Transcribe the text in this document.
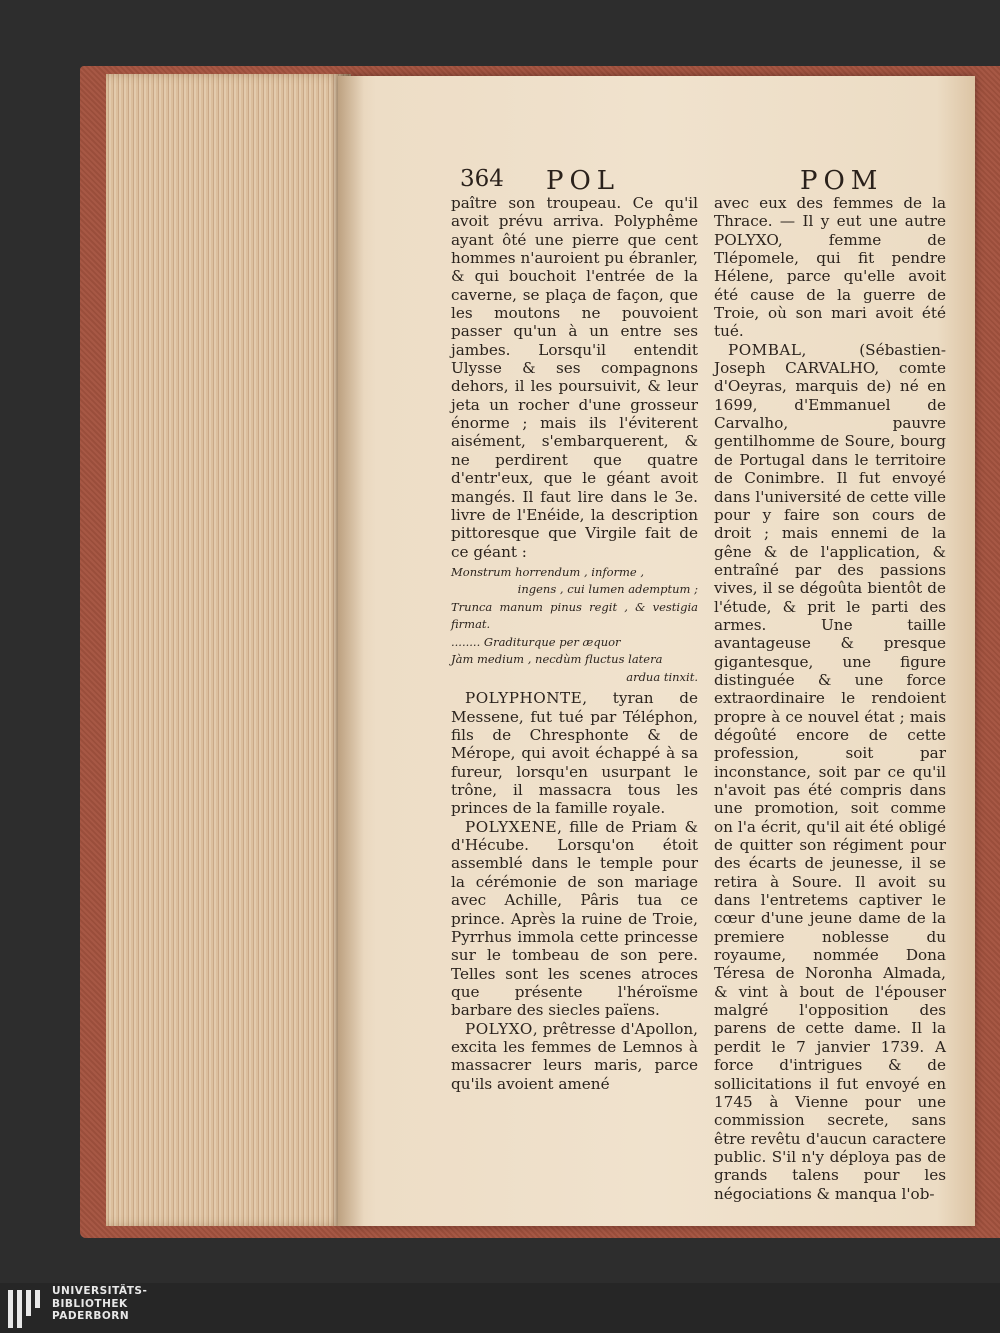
364 POL	POM

paître son troupeau. Ce qu'il avoit prévu arriva. Polyphême ayant ôté une pierre que cent hommes n'auroient pu ébranler, & qui bouchoit l'entrée de la caverne, se plaça de façon, que les moutons ne pouvoient passer qu'un à un entre ses jambes. Lorsqu'il entendit Ulysse & ses compagnons dehors, il les poursuivit, & leur jeta un rocher d'une grosseur énorme ; mais ils l'éviterent aisément, s'embarquerent, & ne perdirent que quatre d'entr'eux, que le géant avoit mangés. Il faut lire dans le 3e. livre de l'Enéide, la description pittoresque que Virgile fait de ce géant :

Monstrum horrendum , informe ,
ingens , cui lumen ademptum ;
Trunca manum pinus regit , & vestigia firmat.
........ Graditurque per æquor
Jàm medium , necdùm fluctus latera
ardua tinxit.

POLYPHONTE, tyran de Messene, fut tué par Téléphon, fils de Chresphonte & de Mérope, qui avoit échappé à sa fureur, lorsqu'en usurpant le trône, il massacra tous les princes de la famille royale.

POLYXENE, fille de Priam & d'Hécube. Lorsqu'on étoit assemblé dans le temple pour la cérémonie de son mariage avec Achille, Pâris tua ce prince. Après la ruine de Troie, Pyrrhus immola cette princesse sur le tombeau de son pere. Telles sont les scenes atroces que présente l'héroïsme barbare des siecles païens.

POLYXO, prêtresse d'Apollon, excita les femmes de Lemnos à massacrer leurs maris, parce qu'ils avoient amené

avec eux des femmes de la Thrace. — Il y eut une autre POLYXO, femme de Tlépomele, qui fit pendre Hélene, parce qu'elle avoit été cause de la guerre de Troie, où son mari avoit été tué.

POMBAL, (Sébastien-Joseph CARVALHO, comte d'Oeyras, marquis de) né en 1699, d'Emmanuel de Carvalho, pauvre gentilhomme de Soure, bourg de Portugal dans le territoire de Conimbre. Il fut envoyé dans l'université de cette ville pour y faire son cours de droit ; mais ennemi de la gêne & de l'application, & entraîné par des passions vives, il se dégoûta bientôt de l'étude, & prit le parti des armes. Une taille avantageuse & presque gigantesque, une figure distinguée & une force extraordinaire le rendoient propre à ce nouvel état ; mais dégoûté encore de cette profession, soit par inconstance, soit par ce qu'il n'avoit pas été compris dans une promotion, soit comme on l'a écrit, qu'il ait été obligé de quitter son régiment pour des écarts de jeunesse, il se retira à Soure. Il avoit su dans l'entretems captiver le cœur d'une jeune dame de la premiere noblesse du royaume, nommée Dona Téresa de Noronha Almada, & vint à bout de l'épouser malgré l'opposition des parens de cette dame. Il la perdit le 7 janvier 1739. A force d'intrigues & de sollicitations il fut envoyé en 1745 à Vienne pour une commission secrete, sans être revêtu d'aucun caractere public. S'il n'y déploya pas de grands talens pour les négociations & manqua l'ob-

UNIVERSITÄTS-
BIBLIOTHEK
PADERBORN
